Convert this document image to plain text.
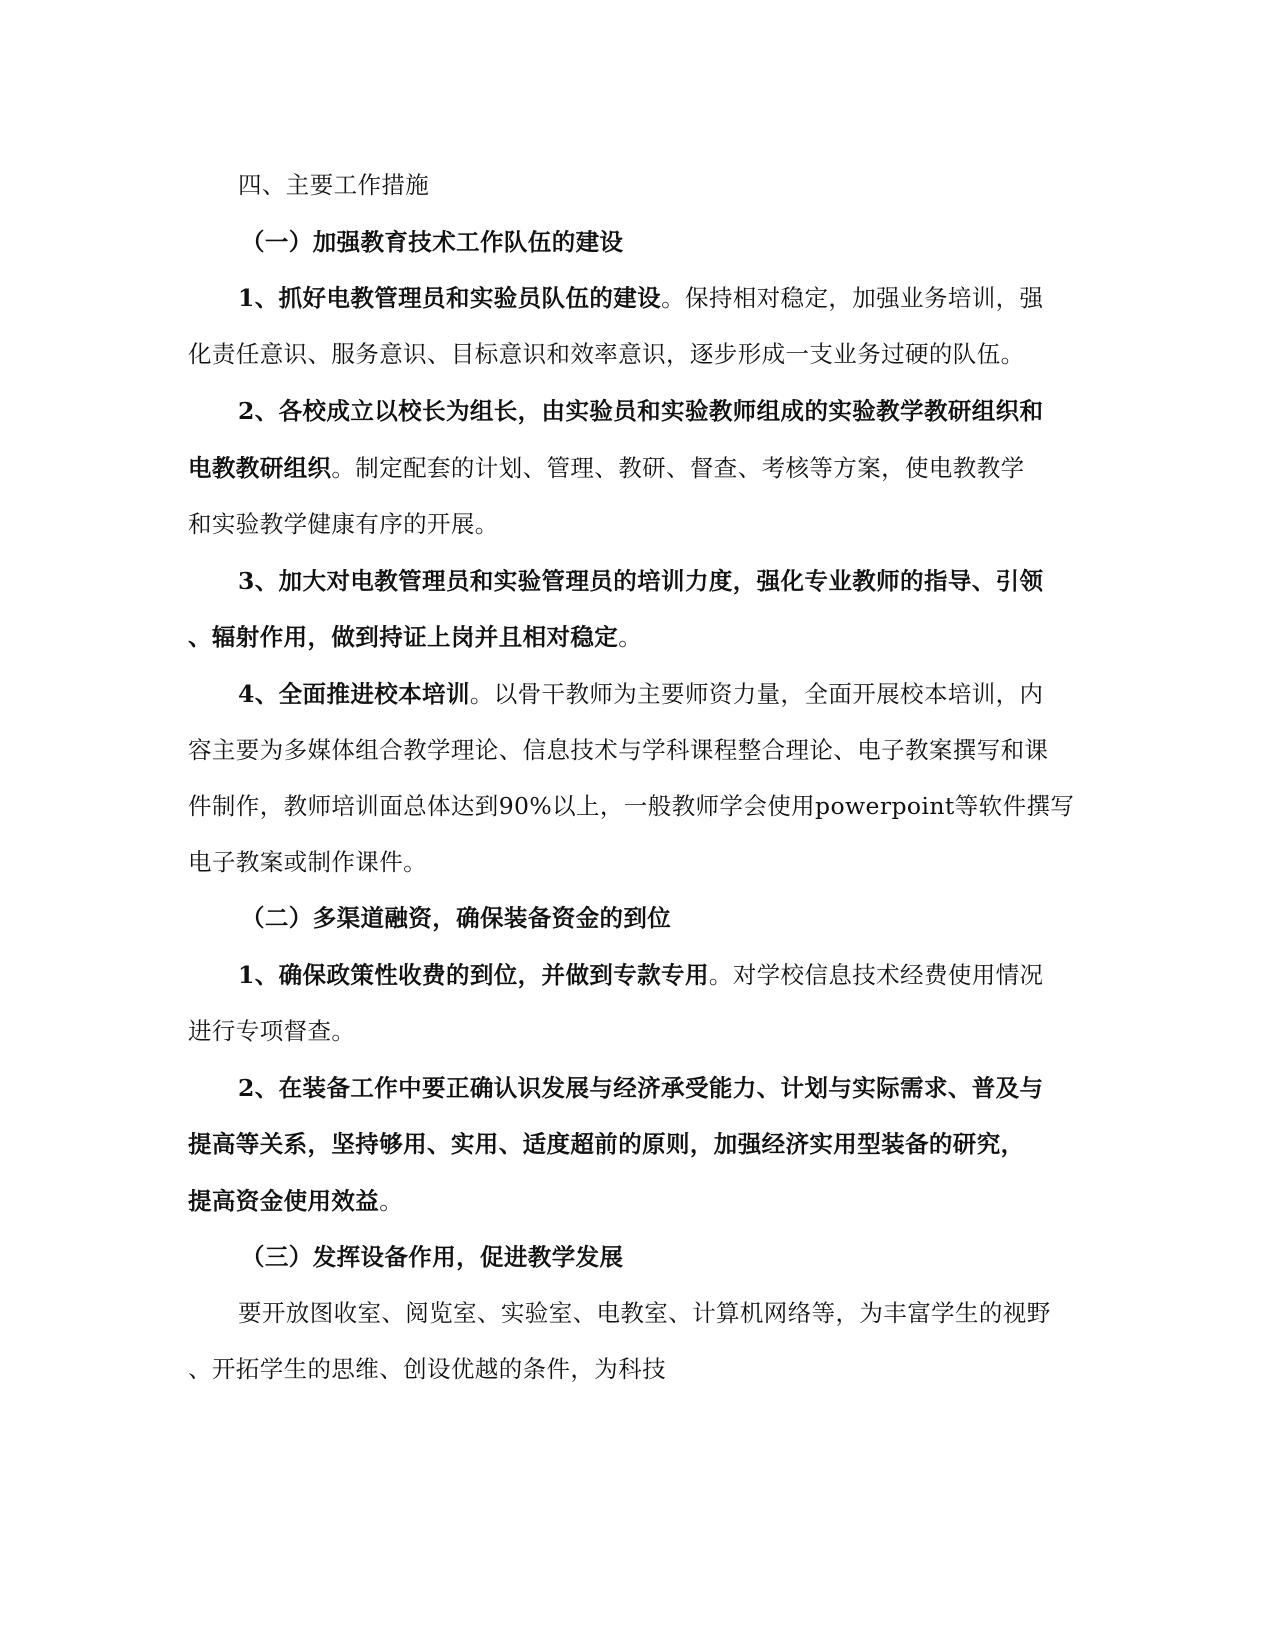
四、主要工作措施
（一）加强教育技术工作队伍的建设
1、抓好电教管理员和实验员队伍的建设。保持相对稳定，加强业务培训，强
化责任意识、服务意识、目标意识和效率意识，逐步形成一支业务过硬的队伍。
2、各校成立以校长为组长，由实验员和实验教师组成的实验教学教研组织和
电教教研组织。制定配套的计划、管理、教研、督查、考核等方案，使电教教学
和实验教学健康有序的开展。
3、加大对电教管理员和实验管理员的培训力度，强化专业教师的指导、引领
、辐射作用，做到持证上岗并且相对稳定。
4、全面推进校本培训。以骨干教师为主要师资力量，全面开展校本培训，内
容主要为多媒体组合教学理论、信息技术与学科课程整合理论、电子教案撰写和课
件制作，教师培训面总体达到90%以上，一般教师学会使用powerpoint等软件撰写
电子教案或制作课件。
（二）多渠道融资，确保装备资金的到位
1、确保政策性收费的到位，并做到专款专用。对学校信息技术经费使用情况
进行专项督查。
2、在装备工作中要正确认识发展与经济承受能力、计划与实际需求、普及与
提高等关系，坚持够用、实用、适度超前的原则，加强经济实用型装备的研究，
提高资金使用效益。
（三）发挥设备作用，促进教学发展
要开放图收室、阅览室、实验室、电教室、计算机网络等，为丰富学生的视野
、开拓学生的思维、创设优越的条件，为科技
